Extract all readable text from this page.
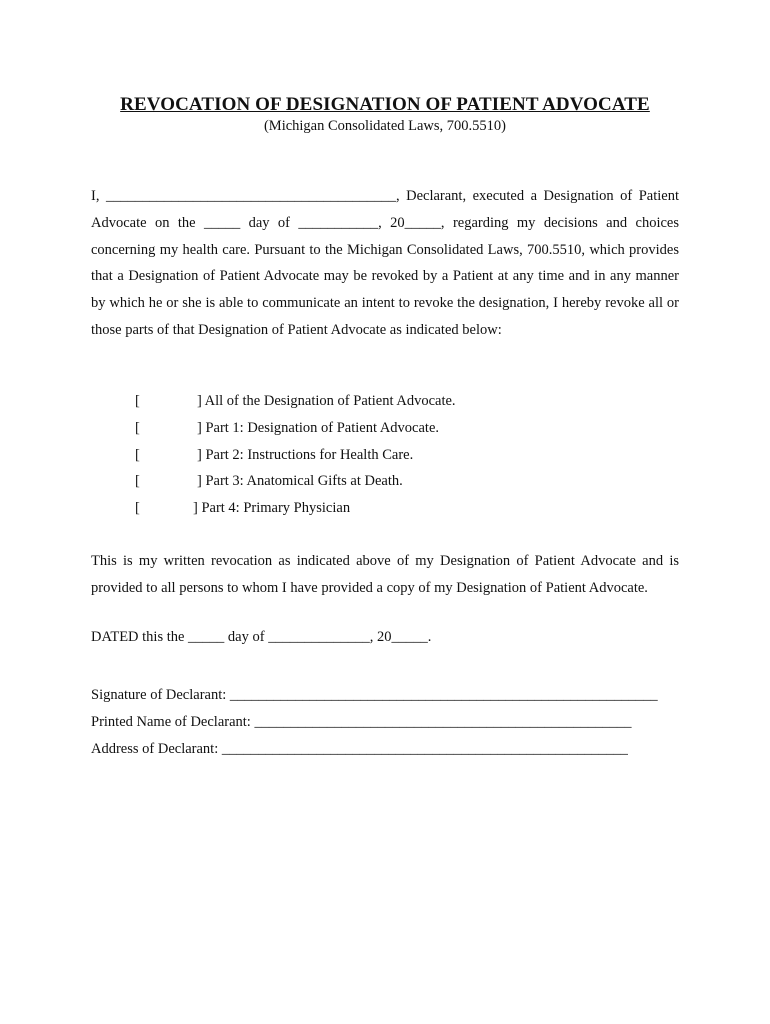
REVOCATION OF DESIGNATION OF PATIENT ADVOCATE
(Michigan Consolidated Laws, 700.5510)
I, ________________________________________, Declarant, executed a Designation of Patient Advocate on the _____ day of ___________, 20_____, regarding my decisions and choices concerning my health care. Pursuant to the Michigan Consolidated Laws, 700.5510, which provides that a Designation of Patient Advocate may be revoked by a Patient at any time and in any manner by which he or she is able to communicate an intent to revoke the designation, I hereby revoke all or those parts of that Designation of Patient Advocate as indicated below:
[	] All of the Designation of Patient Advocate.
[	] Part 1: Designation of Patient Advocate.
[	] Part 2: Instructions for Health Care.
[	] Part 3: Anatomical Gifts at Death.
[	] Part 4: Primary Physician
This is my written revocation as indicated above of my Designation of Patient Advocate and is provided to all persons to whom I have provided a copy of my Designation of Patient Advocate.
DATED this the _____ day of ______________, 20_____.
Signature of Declarant: ___________________________________________________________
Printed Name of Declarant: ____________________________________________________
Address of Declarant: ________________________________________________________
